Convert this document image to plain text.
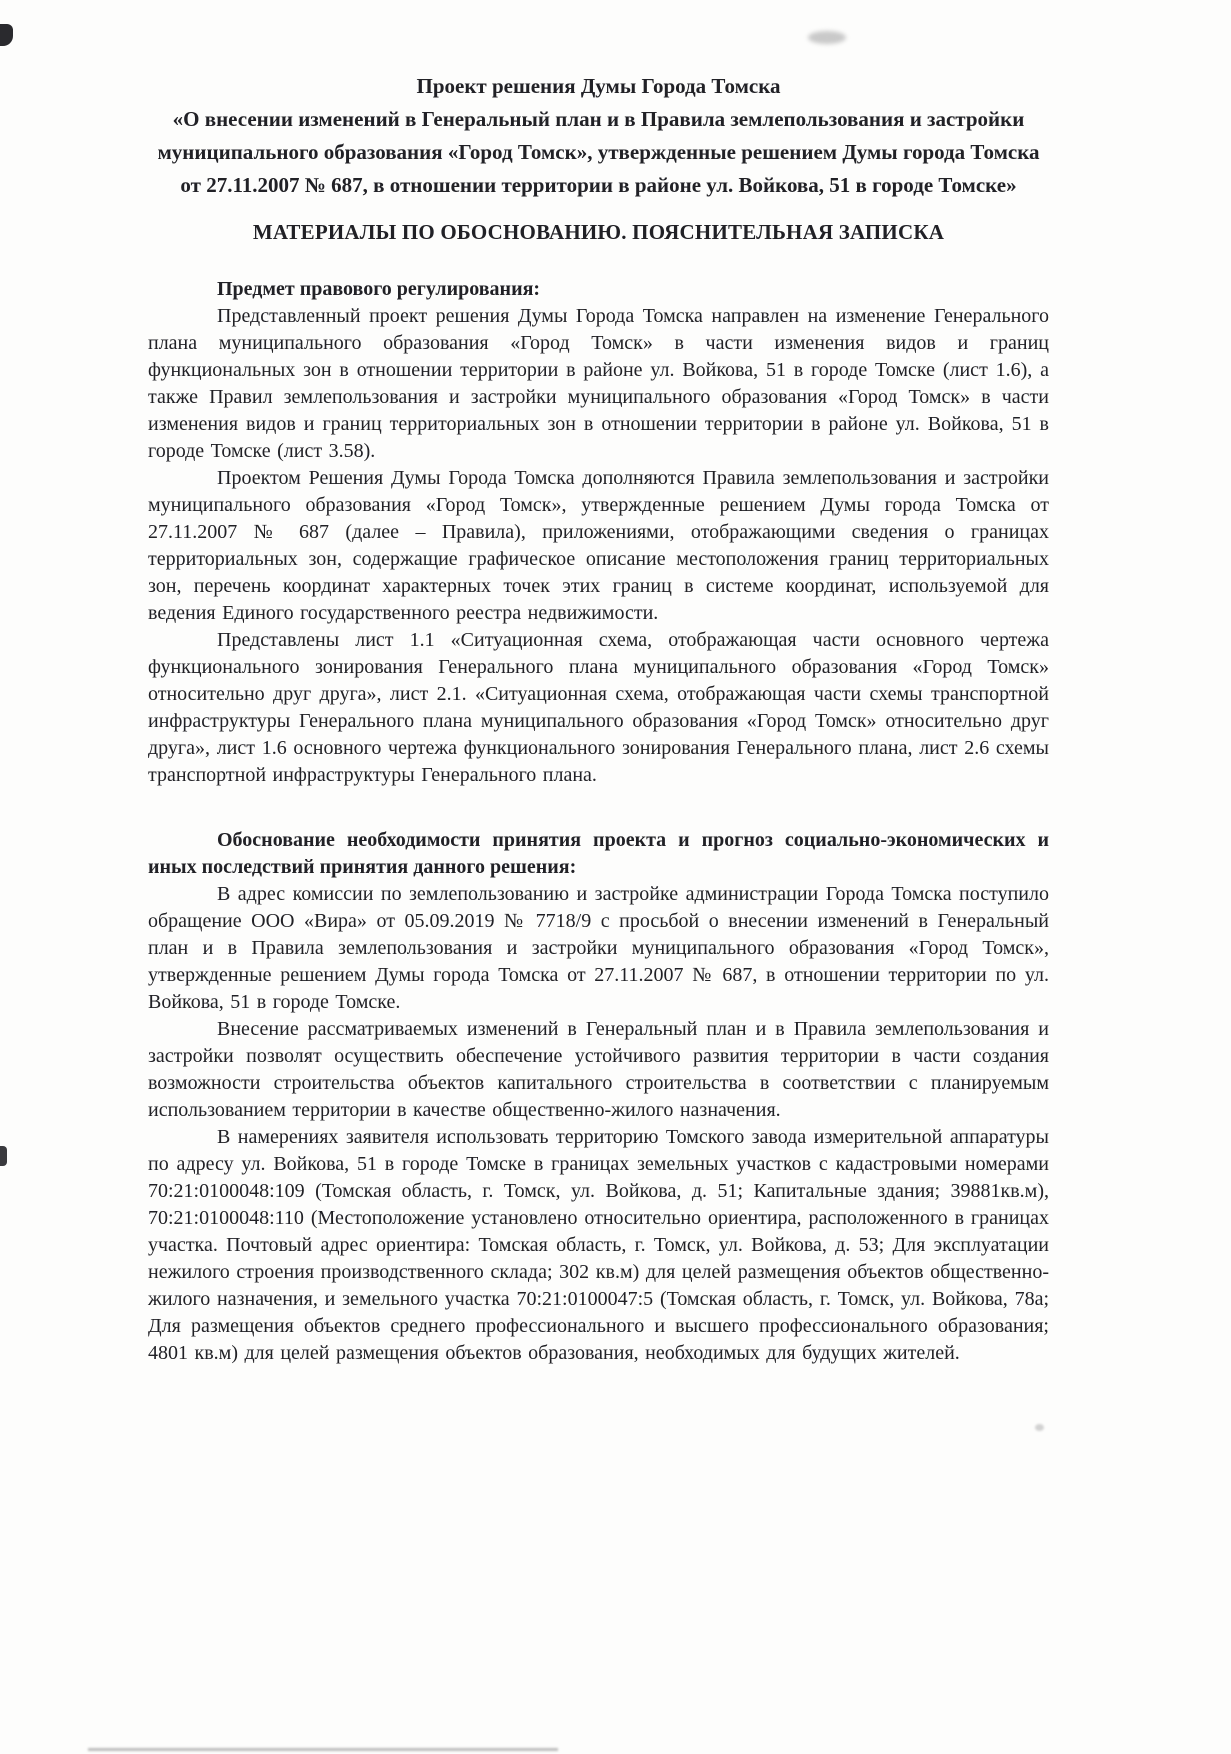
Проект решения Думы Города Томска
«О внесении изменений в Генеральный план и в Правила землепользования и застройки муниципального образования «Город Томск», утвержденные решением Думы города Томска от 27.11.2007 № 687, в отношении территории в районе ул. Войкова, 51 в городе Томске»
МАТЕРИАЛЫ ПО ОБОСНОВАНИЮ. ПОЯСНИТЕЛЬНАЯ ЗАПИСКА

Предмет правового регулирования:

Представленный проект решения Думы Города Томска направлен на изменение Генерального плана муниципального образования «Город Томск» в части изменения видов и границ функциональных зон в отношении территории в районе ул. Войкова, 51 в городе Томске (лист 1.6), а также Правил землепользования и застройки муниципального образования «Город Томск» в части изменения видов и границ территориальных зон в отношении территории в районе ул. Войкова, 51 в городе Томске (лист 3.58).

Проектом Решения Думы Города Томска дополняются Правила землепользования и застройки муниципального образования «Город Томск», утвержденные решением Думы города Томска от 27.11.2007 № 687 (далее – Правила), приложениями, отображающими сведения о границах территориальных зон, содержащие графическое описание местоположения границ территориальных зон, перечень координат характерных точек этих границ в системе координат, используемой для ведения Единого государственного реестра недвижимости.

Представлены лист 1.1 «Ситуационная схема, отображающая части основного чертежа функционального зонирования Генерального плана муниципального образования «Город Томск» относительно друг друга», лист 2.1. «Ситуационная схема, отображающая части схемы транспортной инфраструктуры Генерального плана муниципального образования «Город Томск» относительно друг друга», лист 1.6 основного чертежа функционального зонирования Генерального плана, лист 2.6 схемы транспортной инфраструктуры Генерального плана.

Обоснование необходимости принятия проекта и прогноз социально-экономических и иных последствий принятия данного решения:

В адрес комиссии по землепользованию и застройке администрации Города Томска поступило обращение ООО «Вира» от 05.09.2019 № 7718/9 с просьбой о внесении изменений в Генеральный план и в Правила землепользования и застройки муниципального образования «Город Томск», утвержденные решением Думы города Томска от 27.11.2007 № 687, в отношении территории по ул. Войкова, 51 в городе Томске.

Внесение рассматриваемых изменений в Генеральный план и в Правила землепользования и застройки позволят осуществить обеспечение устойчивого развития территории в части создания возможности строительства объектов капитального строительства в соответствии с планируемым использованием территории в качестве общественно-жилого назначения.

В намерениях заявителя использовать территорию Томского завода измерительной аппаратуры по адресу ул. Войкова, 51 в городе Томске в границах земельных участков с кадастровыми номерами 70:21:0100048:109 (Томская область, г. Томск, ул. Войкова, д. 51; Капитальные здания; 39881кв.м), 70:21:0100048:110 (Местоположение установлено относительно ориентира, расположенного в границах участка. Почтовый адрес ориентира: Томская область, г. Томск, ул. Войкова, д. 53; Для эксплуатации нежилого строения производственного склада; 302 кв.м) для целей размещения объектов общественно-жилого назначения, и земельного участка 70:21:0100047:5 (Томская область, г. Томск, ул. Войкова, 78а; Для размещения объектов среднего профессионального и высшего профессионального образования; 4801 кв.м) для целей размещения объектов образования, необходимых для будущих жителей.
